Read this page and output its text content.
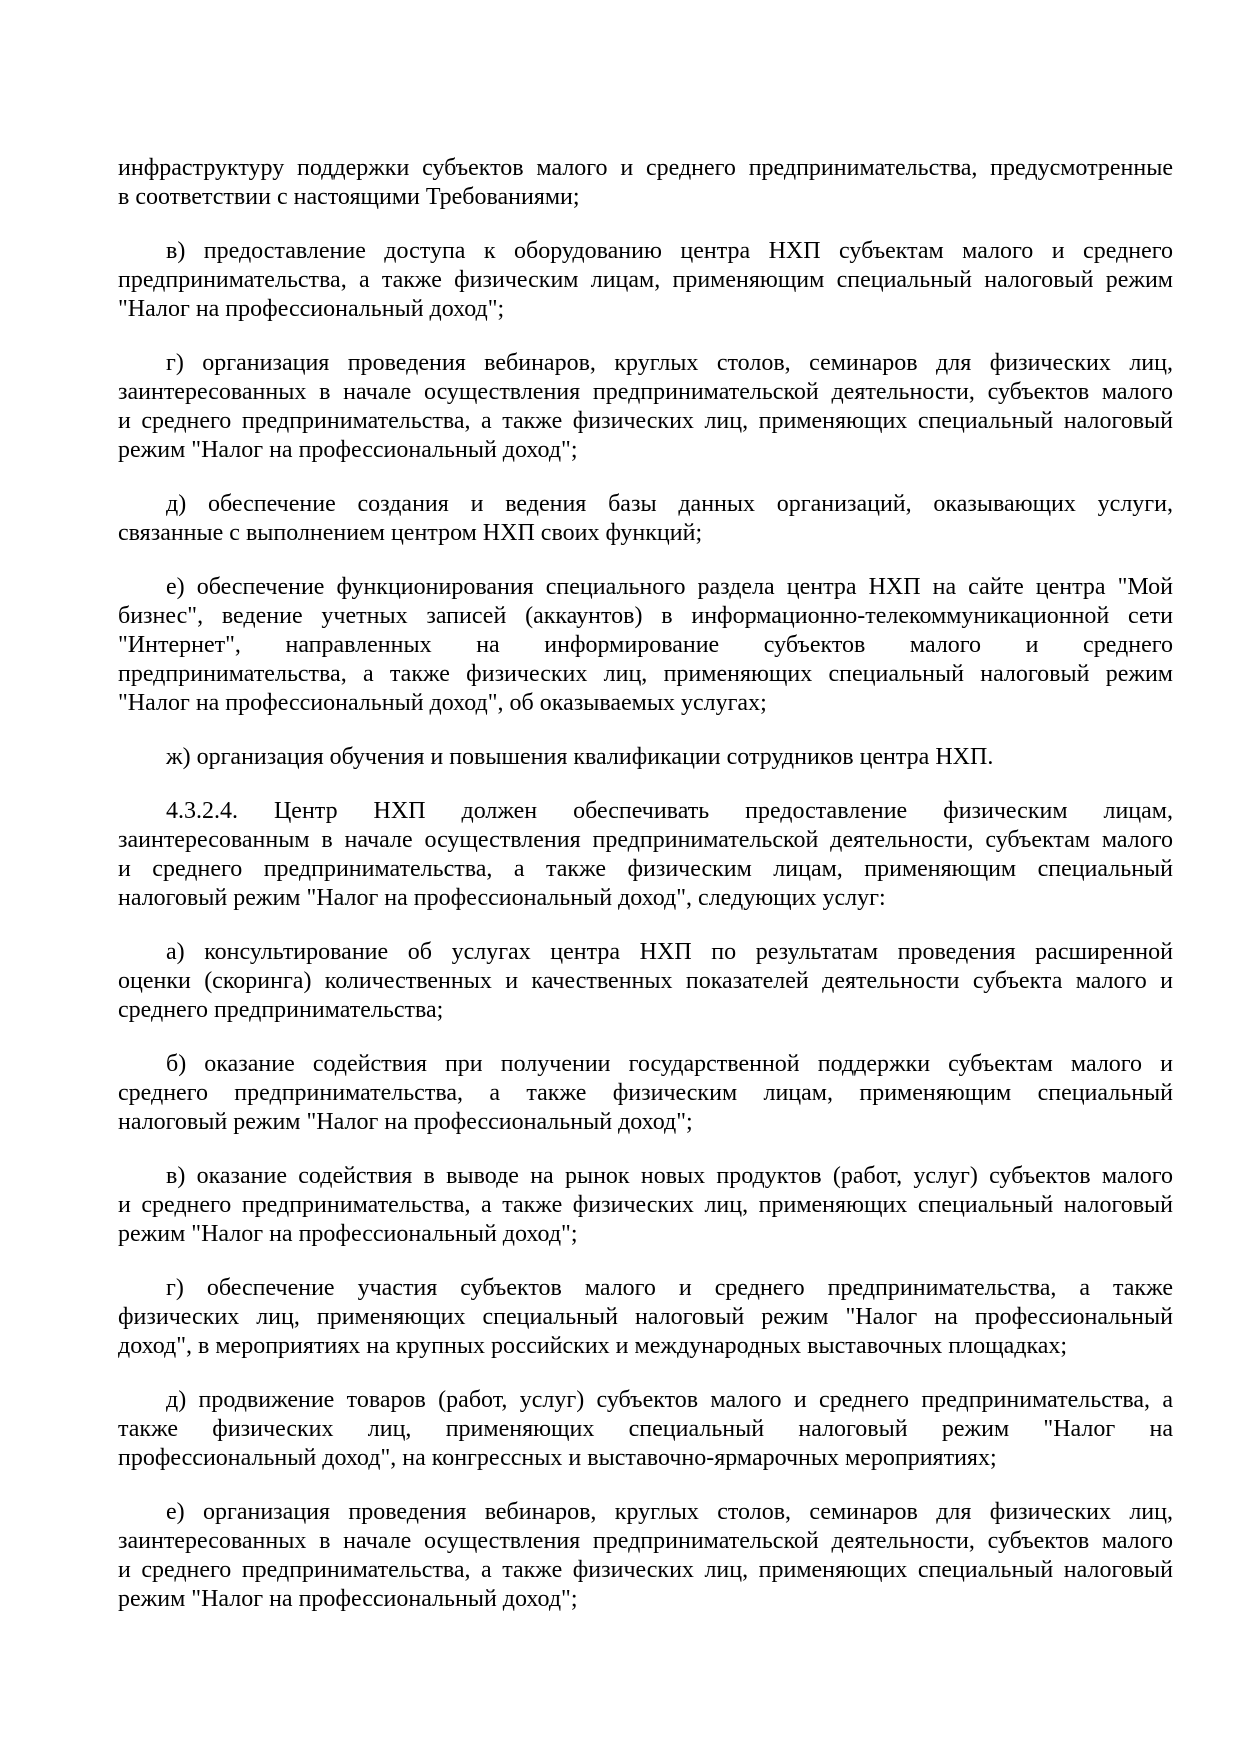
инфраструктуру поддержки субъектов малого и среднего предпринимательства, предусмотренные
в соответствии с настоящими Требованиями;
в) предоставление доступа к оборудованию центра НХП субъектам малого и среднего
предпринимательства, а также физическим лицам, применяющим специальный налоговый режим
"Налог на профессиональный доход";
г) организация проведения вебинаров, круглых столов, семинаров для физических лиц,
заинтересованных в начале осуществления предпринимательской деятельности, субъектов малого
и среднего предпринимательства, а также физических лиц, применяющих специальный налоговый
режим "Налог на профессиональный доход";
д) обеспечение создания и ведения базы данных организаций, оказывающих услуги,
связанные с выполнением центром НХП своих функций;
е) обеспечение функционирования специального раздела центра НХП на сайте центра "Мой
бизнес", ведение учетных записей (аккаунтов) в информационно-телекоммуникационной сети
"Интернет", направленных на информирование субъектов малого и среднего
предпринимательства, а также физических лиц, применяющих специальный налоговый режим
"Налог на профессиональный доход", об оказываемых услугах;
ж) организация обучения и повышения квалификации сотрудников центра НХП.
4.3.2.4. Центр НХП должен обеспечивать предоставление физическим лицам,
заинтересованным в начале осуществления предпринимательской деятельности, субъектам малого
и среднего предпринимательства, а также физическим лицам, применяющим специальный
налоговый режим "Налог на профессиональный доход", следующих услуг:
а) консультирование об услугах центра НХП по результатам проведения расширенной
оценки (скоринга) количественных и качественных показателей деятельности субъекта малого и
среднего предпринимательства;
б) оказание содействия при получении государственной поддержки субъектам малого и
среднего предпринимательства, а также физическим лицам, применяющим специальный
налоговый режим "Налог на профессиональный доход";
в) оказание содействия в выводе на рынок новых продуктов (работ, услуг) субъектов малого
и среднего предпринимательства, а также физических лиц, применяющих специальный налоговый
режим "Налог на профессиональный доход";
г) обеспечение участия субъектов малого и среднего предпринимательства, а также
физических лиц, применяющих специальный налоговый режим "Налог на профессиональный
доход", в мероприятиях на крупных российских и международных выставочных площадках;
д) продвижение товаров (работ, услуг) субъектов малого и среднего предпринимательства, а
также физических лиц, применяющих специальный налоговый режим "Налог на
профессиональный доход", на конгрессных и выставочно-ярмарочных мероприятиях;
е) организация проведения вебинаров, круглых столов, семинаров для физических лиц,
заинтересованных в начале осуществления предпринимательской деятельности, субъектов малого
и среднего предпринимательства, а также физических лиц, применяющих специальный налоговый
режим "Налог на профессиональный доход";
